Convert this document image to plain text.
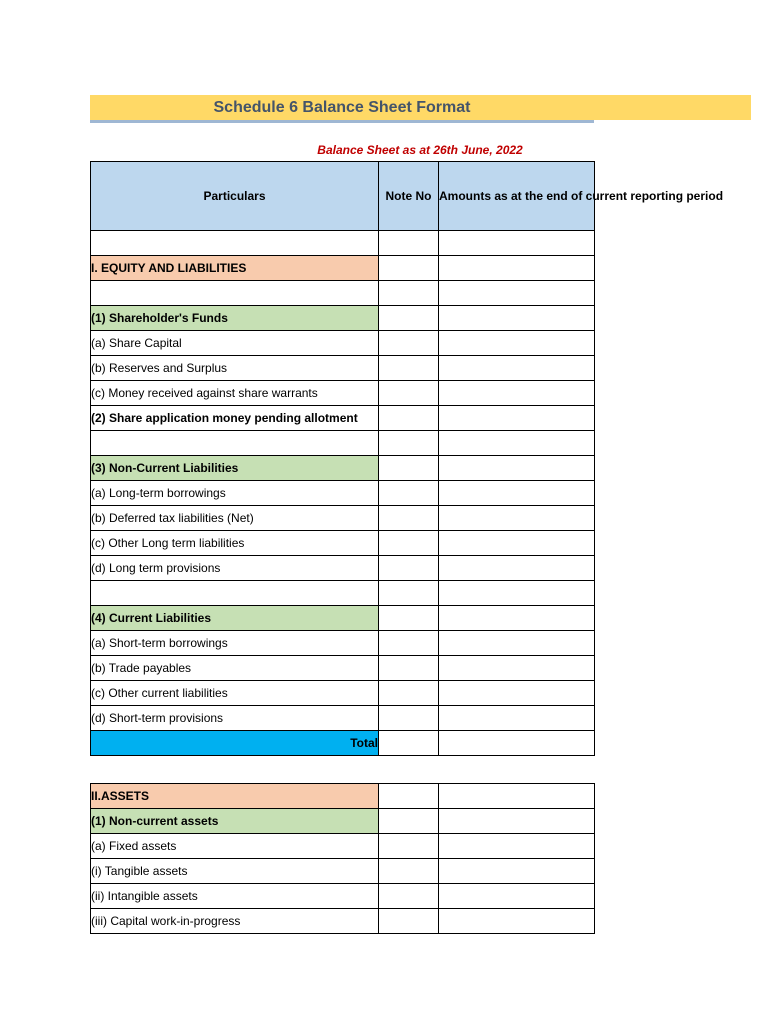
Schedule 6 Balance Sheet Format
Balance Sheet as at 26th June, 2022
Particulars	Note No	Amounts as at the end of current reporting period

I. EQUITY AND LIABILITIES		

(1) Shareholder's Funds		
(a) Share Capital		
(b) Reserves and Surplus		
(c) Money received against share warrants		
(2) Share application money pending allotment		

(3) Non-Current Liabilities		
(a) Long-term borrowings		
(b) Deferred tax liabilities (Net)		
(c) Other Long term liabilities		
(d) Long term provisions		

(4) Current Liabilities		
(a) Short-term borrowings		
(b) Trade payables		
(c) Other current liabilities		
(d) Short-term provisions		
Total		
II.ASSETS		
(1) Non-current assets		
(a) Fixed assets		
(i) Tangible assets		
(ii) Intangible assets		
(iii) Capital work-in-progress		
